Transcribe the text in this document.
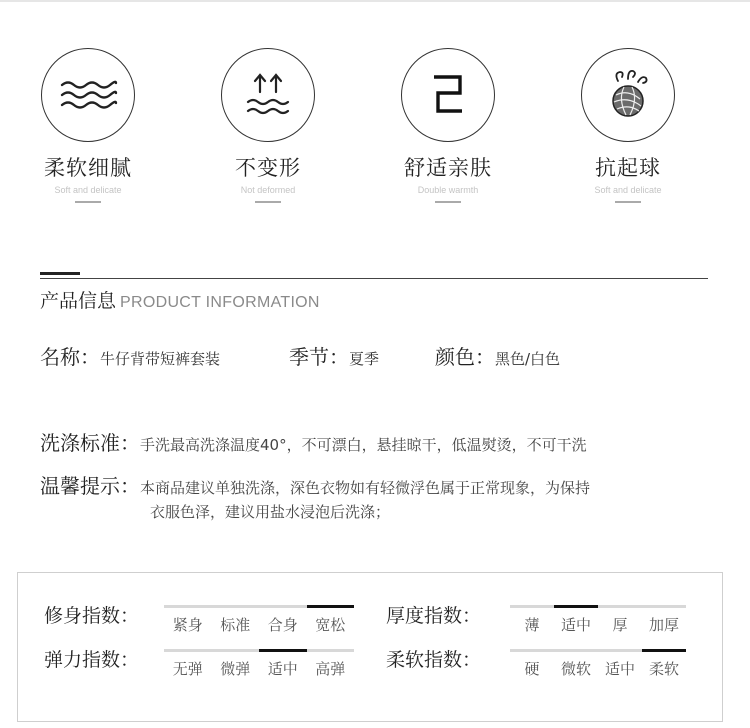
柔软细腻
Soft and delicate
不变形
Not deformed
舒适亲肤
Double warmth
抗起球
Soft and delicate
产品信息 PRODUCT INFORMATION
名称：牛仔背带短裤套装	季节：夏季	颜色：黑色/白色
洗涤标准：手洗最高洗涤温度40°，不可漂白，悬挂晾干，低温熨烫，不可干洗
温馨提示：本商品建议单独洗涤，深色衣物如有轻微浮色属于正常现象，为保持
衣服色泽，建议用盐水浸泡后洗涤；
修身指数：	紧身	标准	合身	宽松	厚度指数：	薄	适中	厚	加厚
弹力指数：	无弹	微弹	适中	高弹	柔软指数：	硬	微软 适中 柔软
